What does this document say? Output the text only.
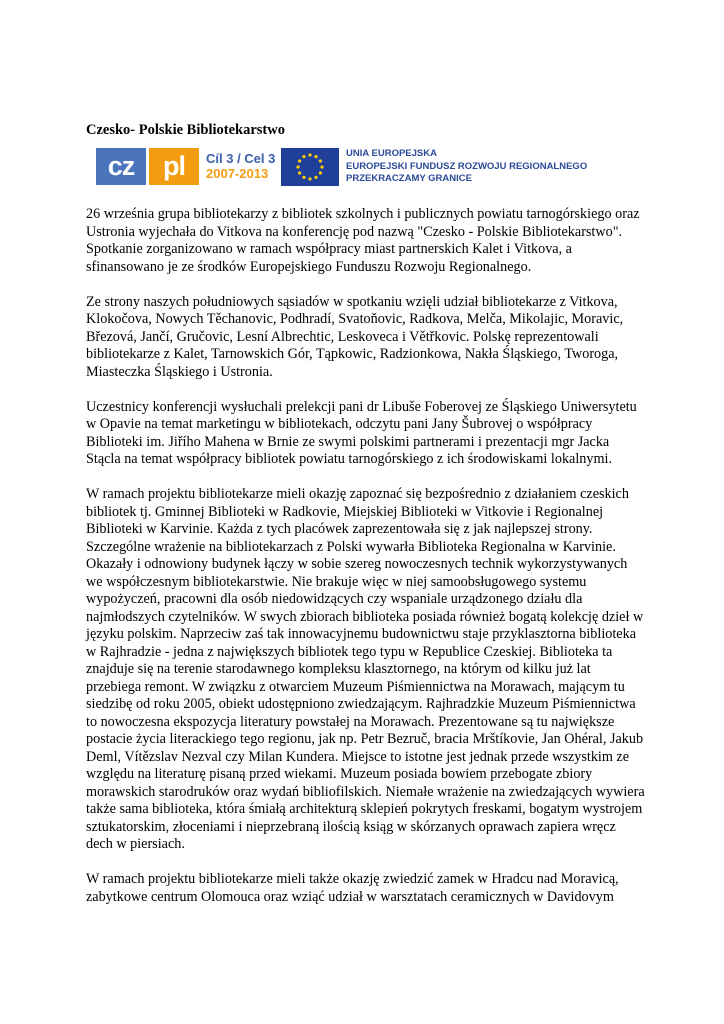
Czesko- Polskie Bibliotekarstwo
cz	pl	Cíl 3 / Cel 3
2007-2013
UNIA EUROPEJSKA
EUROPEJSKI FUNDUSZ ROZWOJU REGIONALNEGO
PRZEKRACZAMY GRANICE

26 września grupa bibliotekarzy z bibliotek szkolnych i publicznych powiatu tarnogórskiego oraz Ustronia wyjechała do Vitkova na konferencję pod nazwą "Czesko - Polskie Bibliotekarstwo". Spotkanie zorganizowano w ramach współpracy miast partnerskich Kalet i Vitkova, a sfinansowano je ze środków Europejskiego Funduszu Rozwoju Regionalnego.

Ze strony naszych południowych sąsiadów w spotkaniu wzięli udział bibliotekarze z Vitkova, Klokočova, Nowych Těchanovic, Podhradí, Svatoňovic, Radkova, Melča, Mikolajic, Moravic, Březová, Jančí, Gručovic, Lesní Albrechtic, Leskoveca i Větřkovic. Polskę reprezentowali bibliotekarze z Kalet, Tarnowskich Gór, Tąpkowic, Radzionkowa, Nakła Śląskiego, Tworoga, Miasteczka Śląskiego i Ustronia.

Uczestnicy konferencji wysłuchali prelekcji pani dr Libuše Foberovej ze Śląskiego Uniwersytetu w Opavie na temat marketingu w bibliotekach, odczytu pani Jany Šubrovej o współpracy Biblioteki im. Jiřího Mahena w Brnie ze swymi polskimi partnerami i prezentacji mgr Jacka Stącla na temat współpracy bibliotek powiatu tarnogórskiego z ich środowiskami lokalnymi.

W ramach projektu bibliotekarze mieli okazję zapoznać się bezpośrednio z działaniem czeskich bibliotek tj. Gminnej Biblioteki w Radkovie, Miejskiej Biblioteki w Vitkovie i Regionalnej Biblioteki w Karvinie. Każda z tych placówek zaprezentowała się z jak najlepszej strony. Szczególne wrażenie na bibliotekarzach z Polski wywarła Biblioteka Regionalna w Karvinie. Okazały i odnowiony budynek łączy w sobie szereg nowoczesnych technik wykorzystywanych we współczesnym bibliotekarstwie. Nie brakuje więc w niej samoobsługowego systemu wypożyczeń, pracowni dla osób niedowidzących czy wspaniale urządzonego działu dla najmłodszych czytelników. W swych zbiorach biblioteka posiada również bogatą kolekcję dzieł w języku polskim. Naprzeciw zaś tak innowacyjnemu budownictwu staje przyklasztorna biblioteka w Rajhradzie - jedna z największych bibliotek tego typu w Republice Czeskiej. Biblioteka ta znajduje się na terenie starodawnego kompleksu klasztornego, na którym od kilku już lat przebiega remont. W związku z otwarciem Muzeum Piśmiennictwa na Morawach, mającym tu siedzibę od roku 2005, obiekt udostępniono zwiedzającym. Rajhradzkie Muzeum Piśmiennictwa to nowoczesna ekspozycja literatury powstałej na Morawach. Prezentowane są tu największe postacie życia literackiego tego regionu, jak np. Petr Bezruč, bracia Mrštíkovie, Jan Ohéral, Jakub Deml, Vítězslav Nezval czy Milan Kundera. Miejsce to istotne jest jednak przede wszystkim ze względu na literaturę pisaną przed wiekami. Muzeum posiada bowiem przebogate zbiory morawskich starodruków oraz wydań bibliofilskich. Niemałe wrażenie na zwiedzających wywiera także sama biblioteka, która śmiałą architekturą sklepień pokrytych freskami, bogatym wystrojem sztukatorskim, złoceniami i nieprzebraną ilością ksiąg w skórzanych oprawach zapiera wręcz dech w piersiach.

W ramach projektu bibliotekarze mieli także okazję zwiedzić zamek w Hradcu nad Moravicą, zabytkowe centrum Olomouca oraz wziąć udział w warsztatach ceramicznych w Davidovym
